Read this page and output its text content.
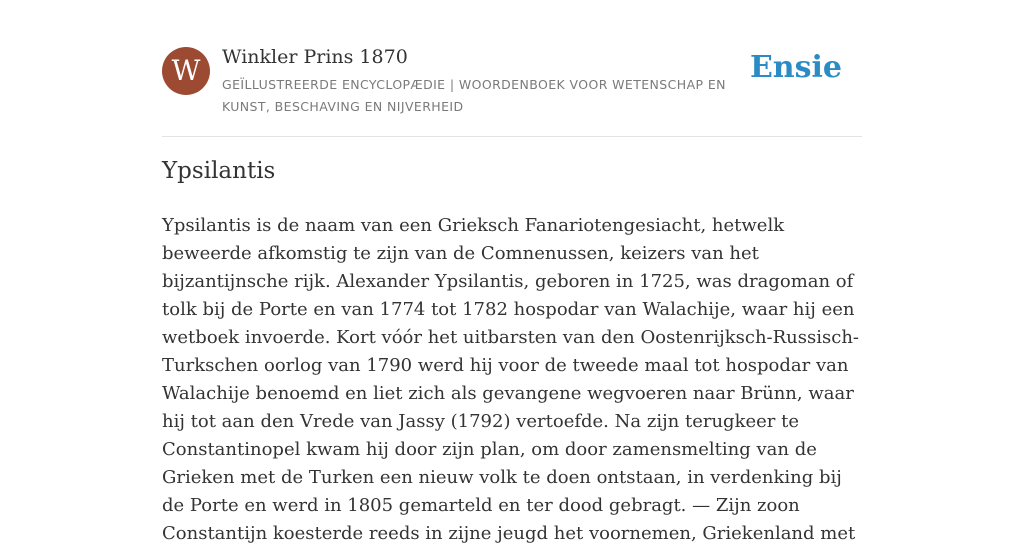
W	Winkler Prins 1870
GEÏLLUSTREERDE ENCYCLOPÆDIE | WOORDENBOEK VOOR WETENSCHAP EN KUNST, BESCHAVING EN NIJVERHEID
Ensie
Ypsilantis

Ypsilantis is de naam van een Grieksch Fanariotengesiacht, hetwelk beweerde afkomstig te zijn van de Comnenussen, keizers van het bijzantijnsche rijk. Alexander Ypsilantis, geboren in 1725, was dragoman of tolk bij de Porte en van 1774 tot 1782 hospodar van Walachije, waar hij een wetboek invoerde. Kort vóór het uitbarsten van den Oostenrijksch-Russisch-Turkschen oorlog van 1790 werd hij voor de tweede maal tot hospodar van Walachije benoemd en liet zich als gevangene wegvoeren naar Brünn, waar hij tot aan den Vrede van Jassy (1792) vertoefde. Na zijn terugkeer te Constantinopel kwam hij door zijn plan, om door zamensmelting van de Grieken met de Turken een nieuw volk te doen ontstaan, in verdenking bij de Porte en werd in 1805 gemarteld en ter dood gebragt. — Zijn zoon Constantijn koesterde reeds in zijne jeugd het voornemen, Griekenland met
